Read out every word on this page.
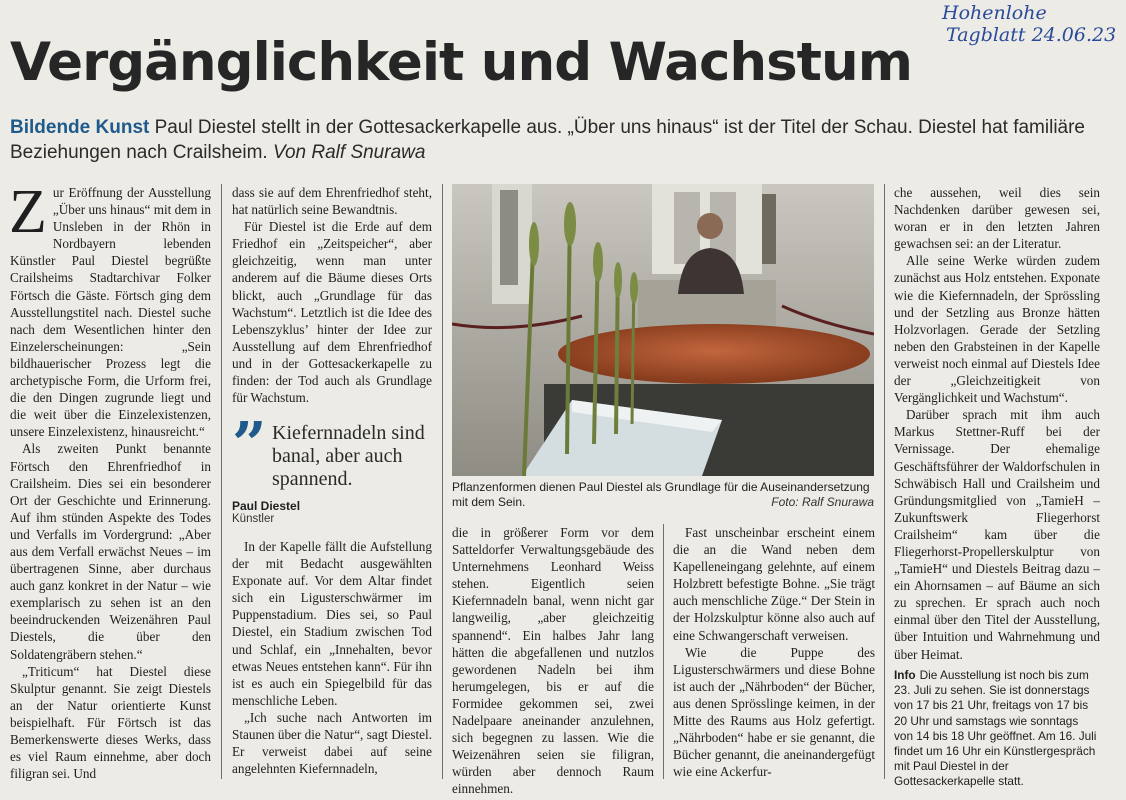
Hohenlohe
Tagblatt 24.06.23
Vergänglichkeit und Wachstum
Bildende Kunst Paul Diestel stellt in der Gottesackerkapelle aus. „Über uns hinaus“ ist der Titel der Schau. Diestel hat familiäre Beziehungen nach Crailsheim. Von Ralf Snurawa

Zur Eröffnung der Ausstellung „Über uns hinaus“ mit dem in Unsleben in der Rhön in Nordbayern lebenden Künstler Paul Diestel begrüßte Crailsheims Stadtarchivar Folker Förtsch die Gäste. Förtsch ging dem Ausstellungstitel nach. Diestel suche nach dem Wesentlichen hinter den Einzelerscheinungen: „Sein bildhauerischer Prozess legt die archetypische Form, die Urform frei, die den Dingen zugrunde liegt und die weit über die Einzelexistenzen, unsere Einzelexistenz, hinausreicht.“

Als zweiten Punkt benannte Förtsch den Ehrenfriedhof in Crailsheim. Dies sei ein besonderer Ort der Geschichte und Erinnerung. Auf ihm stünden Aspekte des Todes und Verfalls im Vordergrund: „Aber aus dem Verfall erwächst Neues – im übertragenen Sinne, aber durchaus auch ganz konkret in der Natur – wie exemplarisch zu sehen ist an den beeindruckenden Weizenähren Paul Diestels, die über den Soldatengräbern stehen.“

„Triticum“ hat Diestel diese Skulptur genannt. Sie zeigt Diestels an der Natur orientierte Kunst beispielhaft. Für Förtsch ist das Bemerkenswerte dieses Werks, dass es viel Raum einnehme, aber doch filigran sei. Und

dass sie auf dem Ehrenfriedhof steht, hat natürlich seine Bewandtnis.

Für Diestel ist die Erde auf dem Friedhof ein „Zeitspeicher“, aber gleichzeitig, wenn man unter anderem auf die Bäume dieses Orts blickt, auch „Grundlage für das Wachstum“. Letztlich ist die Idee des Lebenszyklus’ hinter der Idee zur Ausstellung auf dem Ehrenfriedhof und in der Gottesackerkapelle zu finden: der Tod auch als Grundlage für Wachstum.

” Kiefernnadeln sind banal, aber auch spannend.
Paul Diestel
Künstler

In der Kapelle fällt die Aufstellung der mit Bedacht ausgewählten Exponate auf. Vor dem Altar findet sich ein Ligusterschwärmer im Puppenstadium. Dies sei, so Paul Diestel, ein Stadium zwischen Tod und Schlaf, ein „Innehalten, bevor etwas Neues entstehen kann“. Für ihn ist es auch ein Spiegelbild für das menschliche Leben.

„Ich suche nach Antworten im Staunen über die Natur“, sagt Diestel. Er verweist dabei auf seine angelehnten Kiefernnadeln,

Pflanzenformen dienen Paul Diestel als Grundlage für die Auseinandersetzung mit dem Sein.	Foto: Ralf Snurawa

die in größerer Form vor dem Satteldorfer Verwaltungsgebäude des Unternehmens Leonhard Weiss stehen. Eigentlich seien Kiefernnadeln banal, wenn nicht gar langweilig, „aber gleichzeitig spannend“. Ein halbes Jahr lang hätten die abgefallenen und nutzlos gewordenen Nadeln bei ihm herumgelegen, bis er auf die Formidee gekommen sei, zwei Nadelpaare aneinander anzulehnen, sich begegnen zu lassen. Wie die Weizenähren seien sie filigran, würden aber dennoch Raum einnehmen.

Fast unscheinbar erscheint einem die an die Wand neben dem Kapelleneingang gelehnte, auf einem Holzbrett befestigte Bohne. „Sie trägt auch menschliche Züge.“ Der Stein in der Holzskulptur könne also auch auf eine Schwangerschaft verweisen.

Wie die Puppe des Ligusterschwärmers und diese Bohne ist auch der „Nährboden“ der Bücher, aus denen Sprösslinge keimen, in der Mitte des Raums aus Holz gefertigt. „Nährboden“ habe er sie genannt, die Bücher genannt, die aneinandergefügt wie eine Ackerfur-

che aussehen, weil dies sein Nachdenken darüber gewesen sei, woran er in den letzten Jahren gewachsen sei: an der Literatur.

Alle seine Werke würden zudem zunächst aus Holz entstehen. Exponate wie die Kiefernnadeln, der Sprössling und der Setzling aus Bronze hätten Holzvorlagen. Gerade der Setzling neben den Grabsteinen in der Kapelle verweist noch einmal auf Diestels Idee der „Gleichzeitigkeit von Vergänglichkeit und Wachstum“.

Darüber sprach mit ihm auch Markus Stettner-Ruff bei der Vernissage. Der ehemalige Geschäftsführer der Waldorfschulen in Schwäbisch Hall und Crailsheim und Gründungsmitglied von „TamieH – Zukunftswerk Fliegerhorst Crailsheim“ kam über die Fliegerhorst-Propellerskulptur von „TamieH“ und Diestels Beitrag dazu – ein Ahornsamen – auf Bäume an sich zu sprechen. Er sprach auch noch einmal über den Titel der Ausstellung, über Intuition und Wahrnehmung und über Heimat.

Info Die Ausstellung ist noch bis zum 23. Juli zu sehen. Sie ist donnerstags von 17 bis 21 Uhr, freitags von 17 bis 20 Uhr und samstags wie sonntags von 14 bis 18 Uhr geöffnet. Am 16. Juli findet um 16 Uhr ein Künstlergespräch mit Paul Diestel in der Gottesackerkapelle statt.
